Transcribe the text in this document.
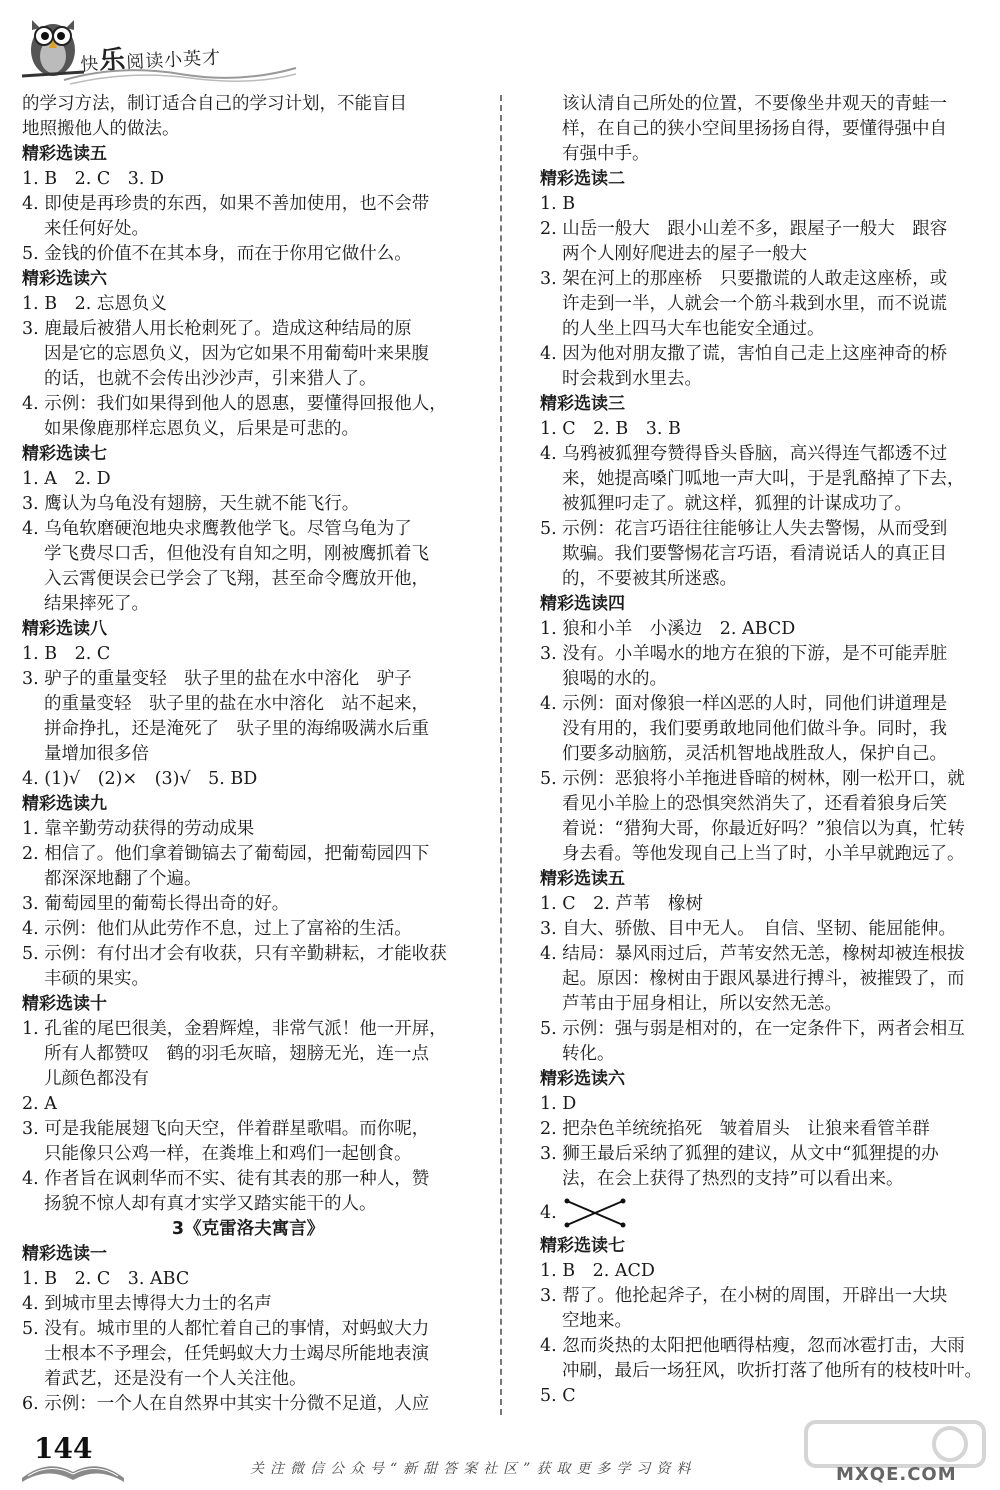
快乐阅读小英才
的学习方法，制订适合自己的学习计划，不能盲目
地照搬他人的做法。
精彩选读五
1. B　2. C　3. D
4. 即使是再珍贵的东西，如果不善加使用，也不会带
来任何好处。
5. 金钱的价值不在其本身，而在于你用它做什么。
精彩选读六
1. B　2. 忘恩负义
3. 鹿最后被猎人用长枪刺死了。造成这种结局的原
因是它的忘恩负义，因为它如果不用葡萄叶来果腹
的话，也就不会传出沙沙声，引来猎人了。
4. 示例：我们如果得到他人的恩惠，要懂得回报他人，
如果像鹿那样忘恩负义，后果是可悲的。
精彩选读七
1. A　2. D
3. 鹰认为乌龟没有翅膀，天生就不能飞行。
4. 乌龟软磨硬泡地央求鹰教他学飞。尽管乌龟为了
学飞费尽口舌，但他没有自知之明，刚被鹰抓着飞
入云霄便误会已学会了飞翔，甚至命令鹰放开他，
结果摔死了。
精彩选读八
1. B　2. C
3. 驴子的重量变轻　驮子里的盐在水中溶化　驴子
的重量变轻　驮子里的盐在水中溶化　站不起来，
拼命挣扎，还是淹死了　驮子里的海绵吸满水后重
量增加很多倍
4. (1)√　(2)×　(3)√　5. BD
精彩选读九
1. 靠辛勤劳动获得的劳动成果
2. 相信了。他们拿着锄镐去了葡萄园，把葡萄园四下
都深深地翻了个遍。
3. 葡萄园里的葡萄长得出奇的好。
4. 示例：他们从此劳作不息，过上了富裕的生活。
5. 示例：有付出才会有收获，只有辛勤耕耘，才能收获
丰硕的果实。
精彩选读十
1. 孔雀的尾巴很美，金碧辉煌，非常气派！他一开屏，
所有人都赞叹　鹤的羽毛灰暗，翅膀无光，连一点
儿颜色都没有
2. A
3. 可是我能展翅飞向天空，伴着群星歌唱。而你呢，
只能像只公鸡一样，在粪堆上和鸡们一起刨食。
4. 作者旨在讽刺华而不实、徒有其表的那一种人，赞
扬貌不惊人却有真才实学又踏实能干的人。
3《克雷洛夫寓言》
精彩选读一
1. B　2. C　3. ABC
4. 到城市里去博得大力士的名声
5. 没有。城市里的人都忙着自己的事情，对蚂蚁大力
士根本不予理会，任凭蚂蚁大力士竭尽所能地表演
着武艺，还是没有一个人关注他。
6. 示例：一个人在自然界中其实十分微不足道，人应
该认清自己所处的位置，不要像坐井观天的青蛙一
样，在自己的狭小空间里扬扬自得，要懂得强中自
有强中手。
精彩选读二
1. B
2. 山岳一般大　跟小山差不多，跟屋子一般大　跟容
两个人刚好爬进去的屋子一般大
3. 架在河上的那座桥　只要撒谎的人敢走这座桥，或
许走到一半，人就会一个筋斗栽到水里，而不说谎
的人坐上四马大车也能安全通过。
4. 因为他对朋友撒了谎，害怕自己走上这座神奇的桥
时会栽到水里去。
精彩选读三
1. C　2. B　3. B
4. 乌鸦被狐狸夸赞得昏头昏脑，高兴得连气都透不过
来，她提高嗓门呱地一声大叫，于是乳酪掉了下去，
被狐狸叼走了。就这样，狐狸的计谋成功了。
5. 示例：花言巧语往往能够让人失去警惕，从而受到
欺骗。我们要警惕花言巧语，看清说话人的真正目
的，不要被其所迷惑。
精彩选读四
1. 狼和小羊　小溪边　2. ABCD
3. 没有。小羊喝水的地方在狼的下游，是不可能弄脏
狼喝的水的。
4. 示例：面对像狼一样凶恶的人时，同他们讲道理是
没有用的，我们要勇敢地同他们做斗争。同时，我
们要多动脑筋，灵活机智地战胜敌人，保护自己。
5. 示例：恶狼将小羊拖进昏暗的树林，刚一松开口，就
看见小羊脸上的恐惧突然消失了，还看着狼身后笑
着说：“猎狗大哥，你最近好吗？”狼信以为真，忙转
身去看。等他发现自己上当了时，小羊早就跑远了。
精彩选读五
1. C　2. 芦苇　橡树
3. 自大、骄傲、目中无人。　自信、坚韧、能屈能伸。
4. 结局：暴风雨过后，芦苇安然无恙，橡树却被连根拔
起。原因：橡树由于跟风暴进行搏斗，被摧毁了，而
芦苇由于屈身相让，所以安然无恙。
5. 示例：强与弱是相对的，在一定条件下，两者会相互
转化。
精彩选读六
1. D
2. 把杂色羊统统掐死　皱着眉头　让狼来看管羊群
3. 狮王最后采纳了狐狸的建议，从文中“狐狸提的办
法，在会上获得了热烈的支持”可以看出来。
4.
精彩选读七
1. B　2. ACD
3. 帮了。他抡起斧子，在小树的周围，开辟出一大块
空地来。
4. 忽而炎热的太阳把他晒得枯瘦，忽而冰雹打击，大雨
冲刷，最后一场狂风，吹折打落了他所有的枝枝叶叶。
5. C
144
关注微信公众号“新甜答案社区”获取更多学习资料	MXQE.COM
